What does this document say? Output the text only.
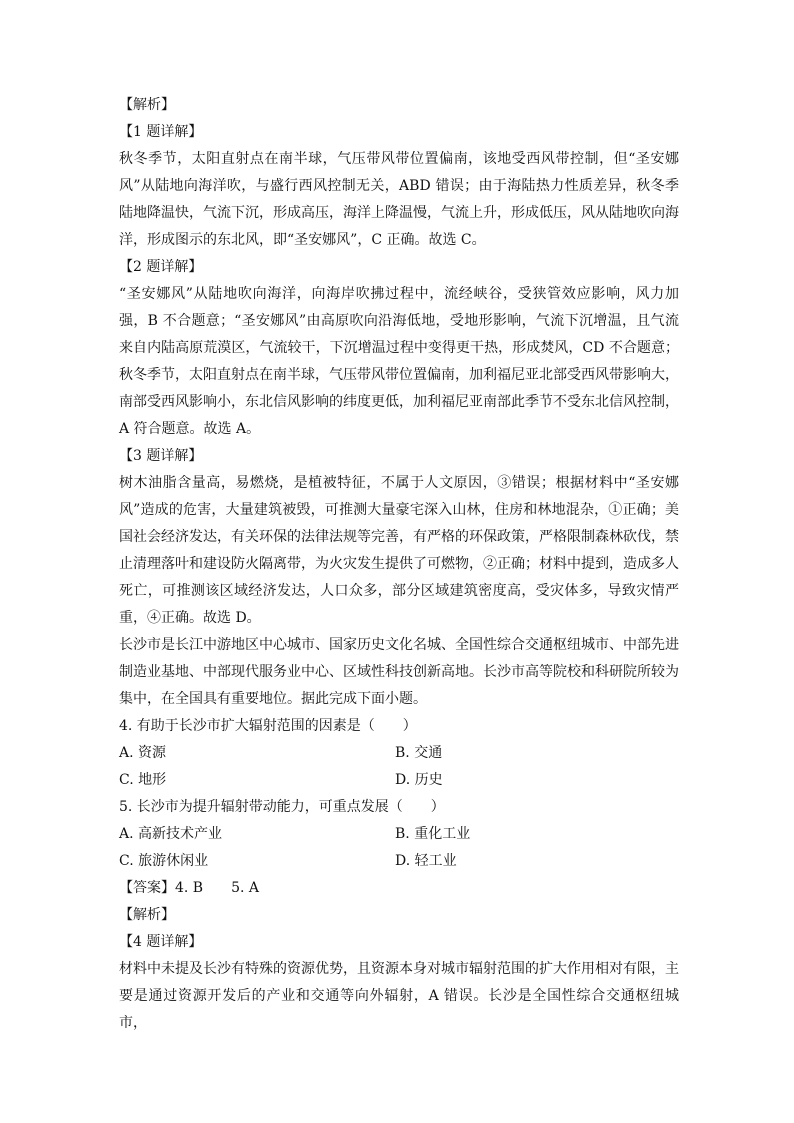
【解析】
【1 题详解】

秋冬季节，太阳直射点在南半球，气压带风带位置偏南，该地受西风带控制，但“圣安娜风”从陆地向海洋吹，与盛行西风控制无关，ABD 错误；由于海陆热力性质差异，秋冬季陆地降温快，气流下沉，形成高压，海洋上降温慢，气流上升，形成低压，风从陆地吹向海洋，形成图示的东北风，即“圣安娜风”，C 正确。故选 C。

【2 题详解】

“圣安娜风”从陆地吹向海洋，向海岸吹拂过程中，流经峡谷，受狭管效应影响，风力加强，B 不合题意；“圣安娜风”由高原吹向沿海低地，受地形影响，气流下沉增温，且气流来自内陆高原荒漠区，气流较干，下沉增温过程中变得更干热，形成焚风，CD 不合题意；秋冬季节，太阳直射点在南半球，气压带风带位置偏南，加利福尼亚北部受西风带影响大，南部受西风影响小，东北信风影响的纬度更低，加利福尼亚南部此季节不受东北信风控制，A 符合题意。故选 A。

【3 题详解】

树木油脂含量高，易燃烧，是植被特征，不属于人文原因，③错误；根据材料中“圣安娜风”造成的危害，大量建筑被毁，可推测大量豪宅深入山林，住房和林地混杂，①正确；美国社会经济发达，有关环保的法律法规等完善，有严格的环保政策，严格限制森林砍伐，禁止清理落叶和建设防火隔离带，为火灾发生提供了可燃物，②正确；材料中提到，造成多人死亡，可推测该区域经济发达，人口众多，部分区域建筑密度高，受灾体多，导致灾情严重，④正确。故选 D。

长沙市是长江中游地区中心城市、国家历史文化名城、全国性综合交通枢纽城市、中部先进制造业基地、中部现代服务业中心、区域性科技创新高地。长沙市高等院校和科研院所较为集中，在全国具有重要地位。据此完成下面小题。

4. 有助于长沙市扩大辐射范围的因素是（　　）
A. 资源	B. 交通
C. 地形	D. 历史
5. 长沙市为提升辐射带动能力，可重点发展（　　）
A. 高新技术产业	B. 重化工业
C. 旅游休闲业	D. 轻工业
【答案】4. B 5. A
【解析】
【4 题详解】

材料中未提及长沙有特殊的资源优势，且资源本身对城市辐射范围的扩大作用相对有限，主要是通过资源开发后的产业和交通等向外辐射，A 错误。长沙是全国性综合交通枢纽城市，
